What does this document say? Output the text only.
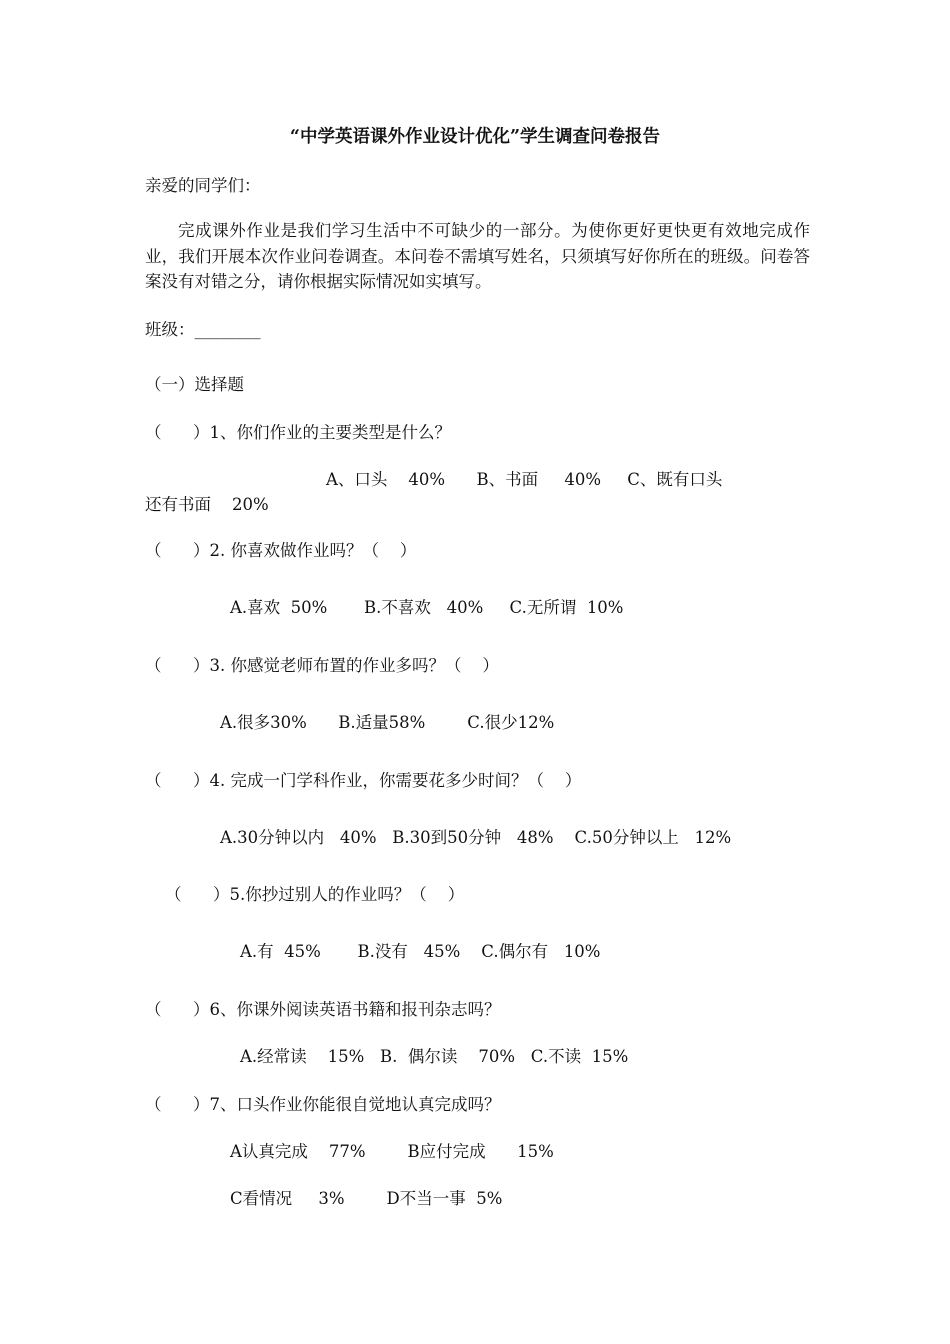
“中学英语课外作业设计优化”学生调查问卷报告
亲爱的同学们：
完成课外作业是我们学习生活中不可缺少的一部分。为使你更好更快更有效地完成作业，我们开展本次作业问卷调查。本问卷不需填写姓名，只须填写好你所在的班级。问卷答案没有对错之分，请你根据实际情况如实填写。
班级：________
（一）选择题
（      ）1、你们作业的主要类型是什么？
A、口头    40%      B、书面     40%     C、既有口头
还有书面    20%
（      ）2. 你喜欢做作业吗？（    ）
A.喜欢  50%       B.不喜欢   40%     C.无所谓  10%
（      ）3. 你感觉老师布置的作业多吗？（    ）
A.很多30%      B.适量58%        C.很少12%
（      ）4. 完成一门学科作业，你需要花多少时间？（    ）
A.30分钟以内   40%   B.30到50分钟   48%    C.50分钟以上   12%
（      ）5.你抄过别人的作业吗？（    ）
A.有  45%       B.没有   45%    C.偶尔有   10%
（      ）6、你课外阅读英语书籍和报刊杂志吗？
A.经常读    15%   B.  偶尔读    70%   C.不读  15%
（      ）7、口头作业你能很自觉地认真完成吗？
A认真完成    77%        B应付完成      15%
C看情况     3%        D不当一事  5%
